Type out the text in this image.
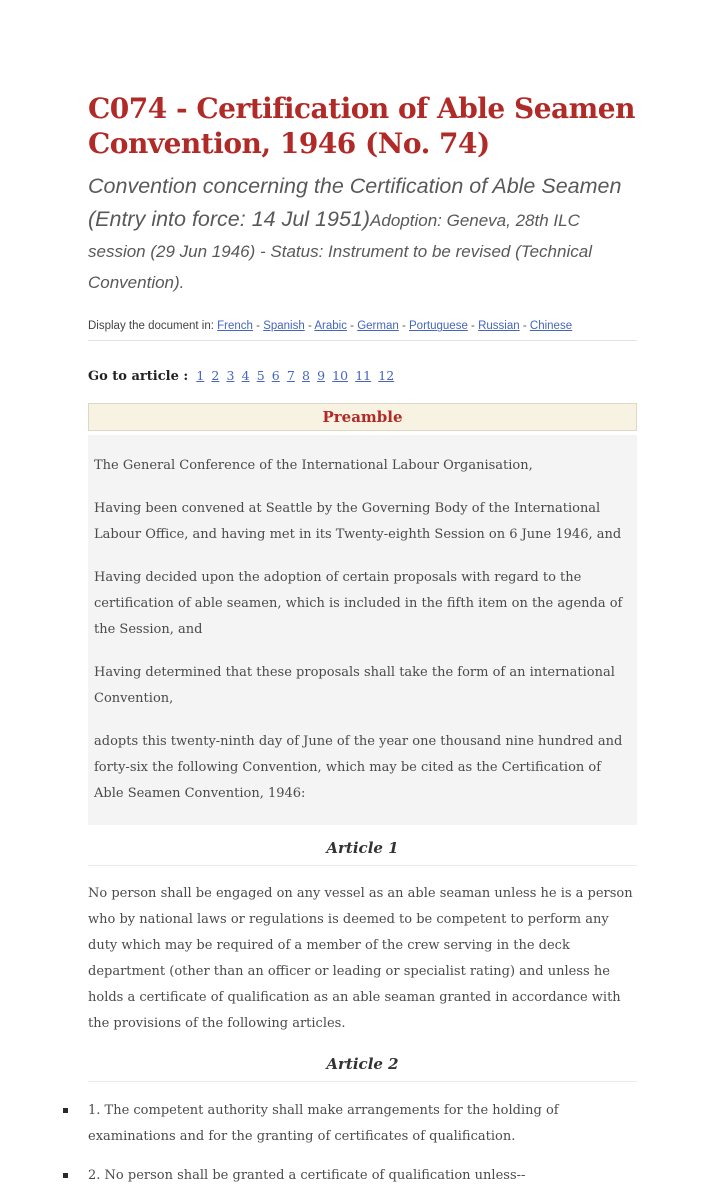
C074 - Certification of Able Seamen Convention, 1946 (No. 74)

Convention concerning the Certification of Able Seamen (Entry into force: 14 Jul 1951)Adoption: Geneva, 28th ILC session (29 Jun 1946) - Status: Instrument to be revised (Technical Convention).

Display the document in: French - Spanish - Arabic - German - Portuguese - Russian - Chinese
Go to article : 1 2 3 4 5 6 7 8 9 10 11 12
Preamble

The General Conference of the International Labour Organisation,

Having been convened at Seattle by the Governing Body of the International Labour Office, and having met in its Twenty-eighth Session on 6 June 1946, and

Having decided upon the adoption of certain proposals with regard to the certification of able seamen, which is included in the fifth item on the agenda of the Session, and

Having determined that these proposals shall take the form of an international Convention,

adopts this twenty-ninth day of June of the year one thousand nine hundred and forty-six the following Convention, which may be cited as the Certification of Able Seamen Convention, 1946:

Article 1

No person shall be engaged on any vessel as an able seaman unless he is a person who by national laws or regulations is deemed to be competent to perform any duty which may be required of a member of the crew serving in the deck department (other than an officer or leading or specialist rating) and unless he holds a certificate of qualification as an able seaman granted in accordance with the provisions of the following articles.

Article 2
1. The competent authority shall make arrangements for the holding of examinations and for the granting of certificates of qualification.
2. No person shall be granted a certificate of qualification unless--
